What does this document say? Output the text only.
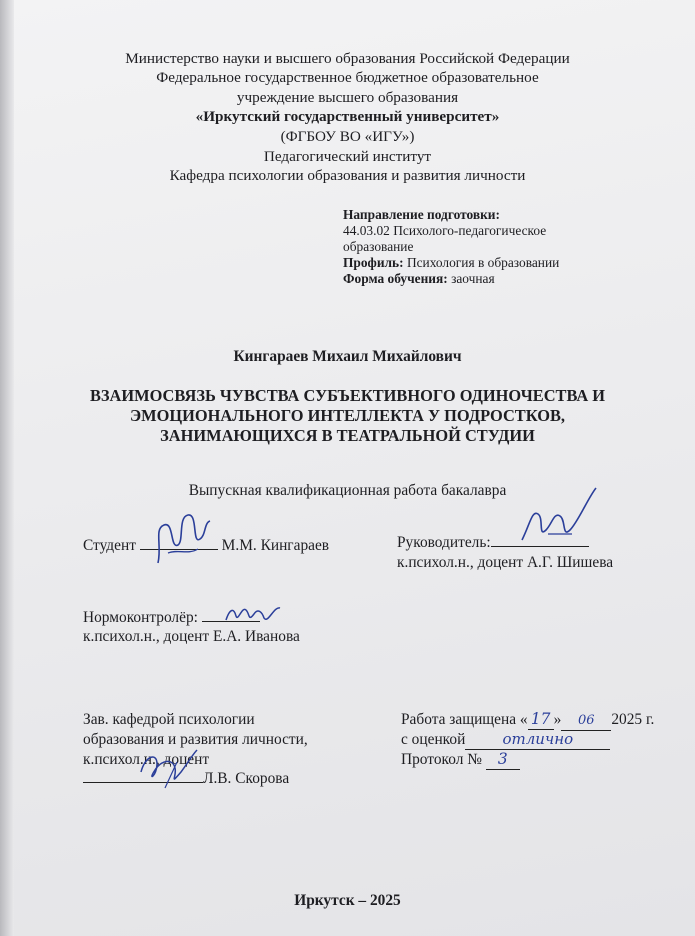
Министерство науки и высшего образования Российской Федерации
Федеральное государственное бюджетное образовательное
учреждение высшего образования
«Иркутский государственный университет»
(ФГБОУ ВО «ИГУ»)
Педагогический институт
Кафедра психологии образования и развития личности
Направление подготовки:
44.03.02 Психолого-педагогическое
образование
Профиль: Психология в образовании
Форма обучения: заочная
Кингараев Михаил Михайлович
ВЗАИМОСВЯЗЬ ЧУВСТВА СУБЪЕКТИВНОГО ОДИНОЧЕСТВА И
ЭМОЦИОНАЛЬНОГО ИНТЕЛЛЕКТА У ПОДРОСТКОВ,
ЗАНИМАЮЩИХСЯ В ТЕАТРАЛЬНОЙ СТУДИИ
Выпускная квалификационная работа бакалавра
Студент	М.М. Кингараев	Руководитель:
к.психол.н., доцент А.Г. Шишева
Нормоконтролёр:
к.психол.н., доцент Е.А. Иванова
Зав. кафедрой психологии
образования и развития личности,
к.психол.н., доцент
Л.В. Скорова
Работа защищена « 17 » 06 2025 г.
с оценкой отлично
Протокол № 3
Иркутск – 2025
